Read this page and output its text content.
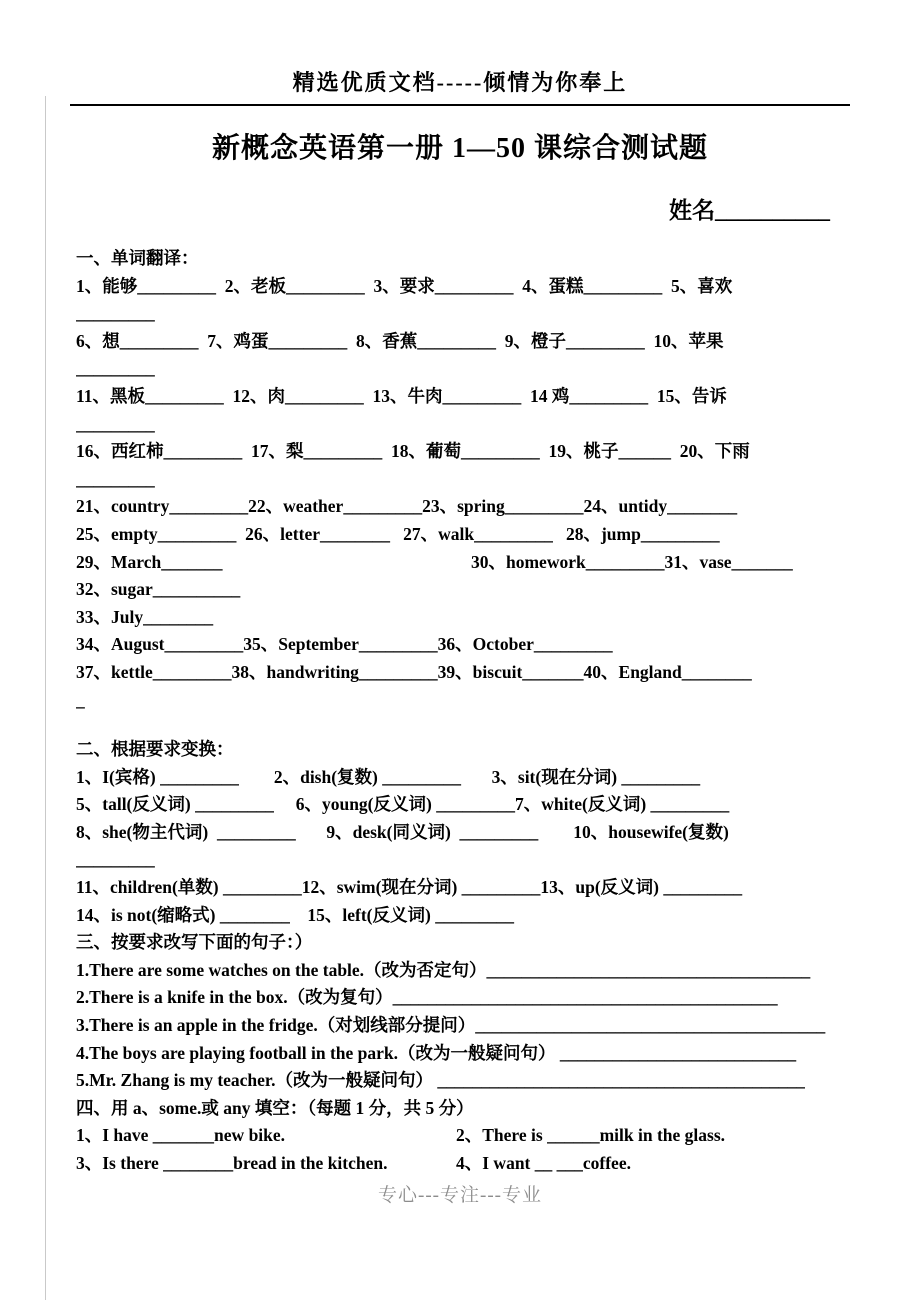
精选优质文档-----倾情为你奉上
新概念英语第一册 1—50 课综合测试题
姓名__________
一、单词翻译：
1、能够_________  2、老板_________  3、要求_________  4、蛋糕_________  5、喜欢
_________
6、想_________  7、鸡蛋_________  8、香蕉_________  9、橙子_________  10、苹果
_________
11、黑板_________  12、肉_________  13、牛肉_________  14 鸡_________  15、告诉
_________
16、西红柿_________  17、梨_________  18、葡萄_________  19、桃子______  20、下雨
_________
21、country_________22、weather_________23、spring_________24、untidy________
25、empty_________  26、letter________   27、walk_________   28、jump_________
29、March_______	30、homework_________31、vase_______
32、sugar__________
33、July________
34、August_________35、September_________36、October_________
37、kettle_________38、handwriting_________39、biscuit_______40、England________
_
二、根据要求变换：
1、I(宾格) _________        2、dish(复数) _________       3、sit(现在分词) _________
5、tall(反义词) _________     6、young(反义词) _________7、white(反义词) _________
8、she(物主代词)  _________       9、desk(同义词)  _________        10、housewife(复数)
_________
11、children(单数) _________12、swim(现在分词) _________13、up(反义词) _________
14、is not(缩略式) ________    15、left(反义词) _________
三、按要求改写下面的句子：）
1.There are some watches on the table.（改为否定句）_____________________________________
2.There is a knife in the box.（改为复句）____________________________________________
3.There is an apple in the fridge.（对划线部分提问）________________________________________
4.The boys are playing football in the park.（改为一般疑问句） ___________________________
5.Mr. Zhang is my teacher.（改为一般疑问句） __________________________________________
四、用 a、some.或 any 填空：（每题 1 分，共 5 分）
1、I have _______new bike.	2、There is ______milk in the glass.
3、Is there ________bread in the kitchen.	4、I want __ ___coffee.
专心---专注---专业
